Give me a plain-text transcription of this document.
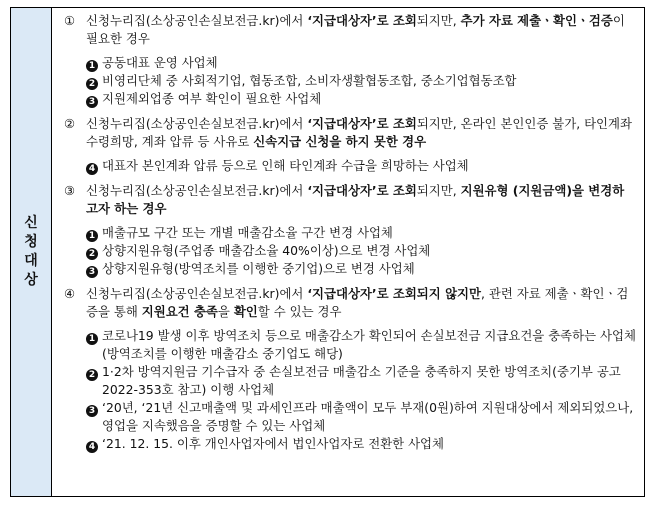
신
청
대
상
① 신청누리집(소상공인손실보전금.kr)에서 ‘지급대상자’로 조회되지만, 추가 자료 제출ㆍ확인ㆍ검증이 필요한 경우
1 공동대표 운영 사업체
2 비영리단체 중 사회적기업, 협동조합, 소비자생활협동조합, 중소기업협동조합
3 지원제외업종 여부 확인이 필요한 사업체
② 신청누리집(소상공인손실보전금.kr)에서 ‘지급대상자’로 조회되지만, 온라인 본인인증 불가, 타인계좌 수령희망, 계좌 압류 등 사유로 신속지급 신청을 하지 못한 경우
4 대표자 본인계좌 압류 등으로 인해 타인계좌 수급을 희망하는 사업체
③ 신청누리집(소상공인손실보전금.kr)에서 ‘지급대상자’로 조회되지만, 지원유형 (지원금액)을 변경하고자 하는 경우
1 매출규모 구간 또는 개별 매출감소율 구간 변경 사업체
2 상향지원유형(주업종 매출감소율 40%이상)으로 변경 사업체
3 상향지원유형(방역조치를 이행한 중기업)으로 변경 사업체
④ 신청누리집(소상공인손실보전금.kr)에서 ‘지급대상자’로 조회되지 않지만, 관련 자료 제출ㆍ확인ㆍ검증을 통해 지원요건 충족을 확인할 수 있는 경우
1 코로나19 발생 이후 방역조치 등으로 매출감소가 확인되어 손실보전금 지급요건을 충족하는 사업체 (방역조치를 이행한 매출감소 중기업도 해당)
2 1·2차 방역지원금 기수급자 중 손실보전금 매출감소 기준을 충족하지 못한 방역조치(중기부 공고 2022-353호 참고) 이행 사업체
3 ‘20년, ‘21년 신고매출액 및 과세인프라 매출액이 모두 부재(0원)하여 지원대상에서 제외되었으나, 영업을 지속했음을 증명할 수 있는 사업체
4 ‘21. 12. 15. 이후 개인사업자에서 법인사업자로 전환한 사업체
